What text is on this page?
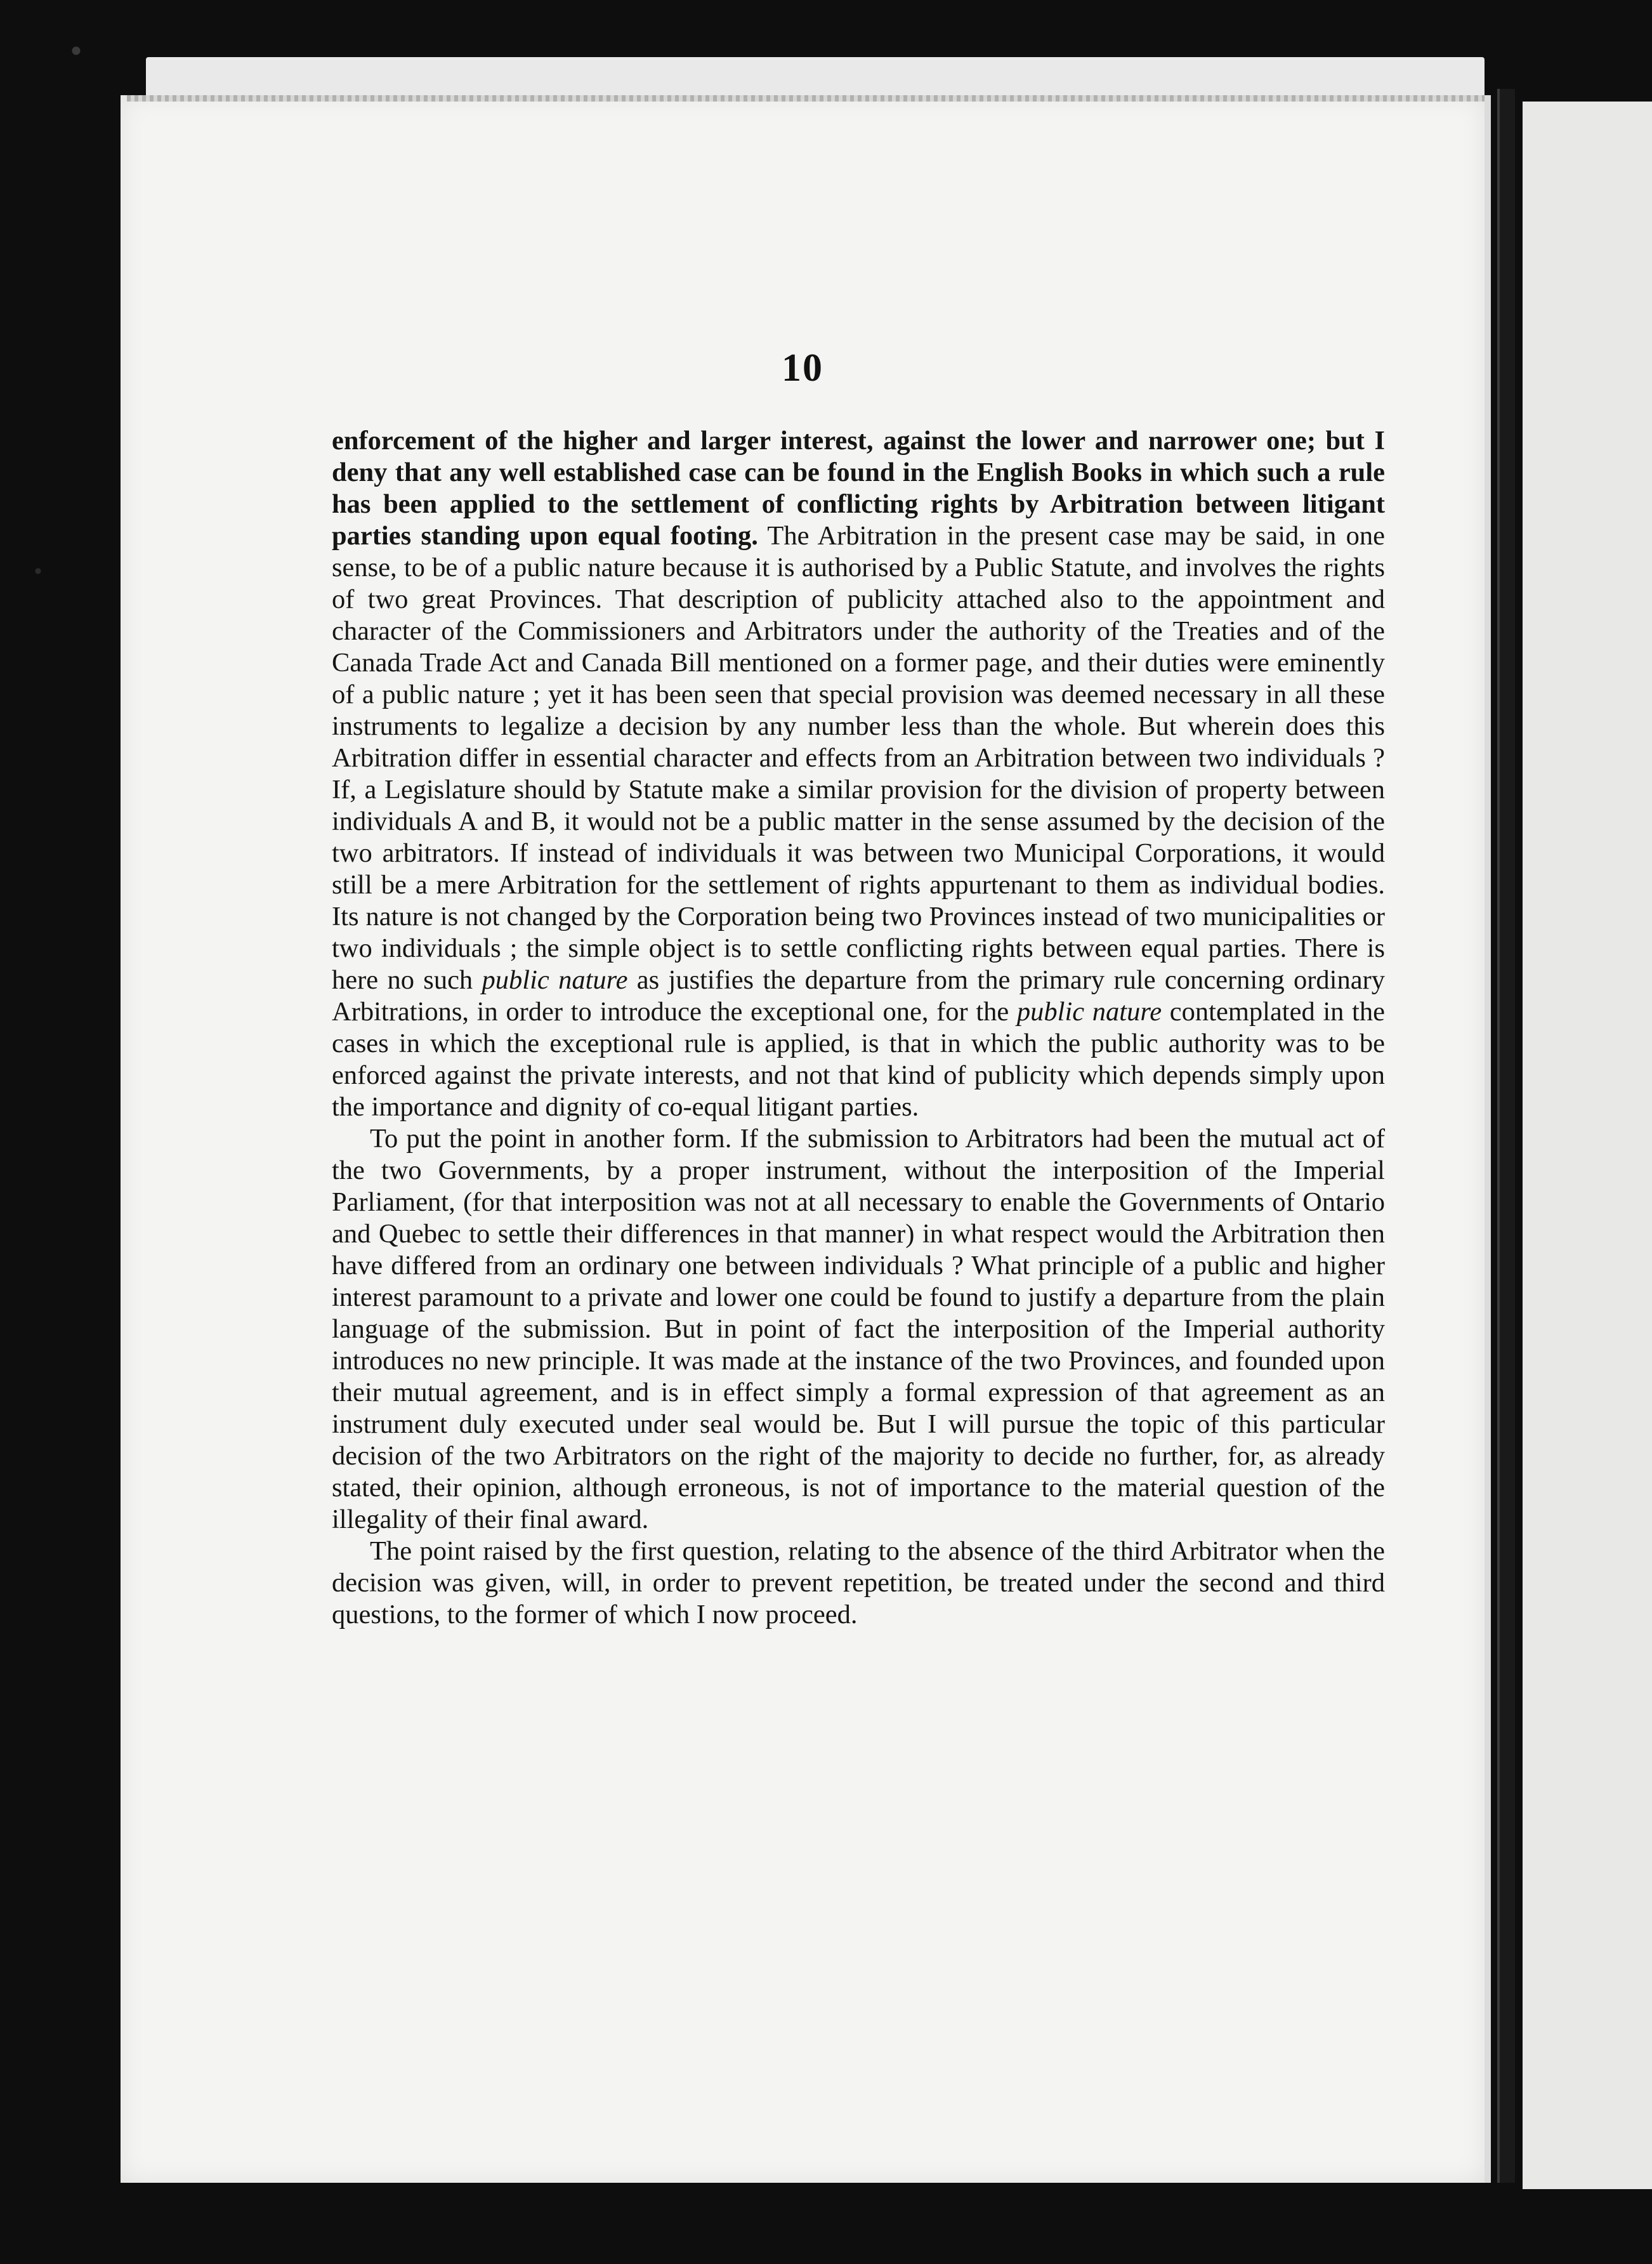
10

enforcement of the higher and larger interest, against the lower and narrower one; but I deny that any well established case can be found in the English Books in which such a rule has been applied to the settlement of conflicting rights by Arbitration between litigant parties standing upon equal footing. The Arbitration in the present case may be said, in one sense, to be of a public nature because it is authorised by a Public Statute, and involves the rights of two great Provinces. That description of publicity attached also to the appointment and character of the Commissioners and Arbitrators under the authority of the Treaties and of the Canada Trade Act and Canada Bill mentioned on a former page, and their duties were eminently of a public nature ; yet it has been seen that special provision was deemed necessary in all these instruments to legalize a decision by any number less than the whole. But wherein does this Arbitration differ in essential character and effects from an Arbitration between two individuals ? If, a Legislature should by Statute make a similar provision for the division of property between individuals A and B, it would not be a public matter in the sense assumed by the decision of the two arbitrators. If instead of individuals it was between two Municipal Corporations, it would still be a mere Arbitration for the settlement of rights appurtenant to them as individual bodies. Its nature is not changed by the Corporation being two Provinces instead of two municipalities or two individuals ; the simple object is to settle conflicting rights between equal parties. There is here no such public nature as justifies the departure from the primary rule concerning ordinary Arbitrations, in order to introduce the exceptional one, for the public nature contemplated in the cases in which the exceptional rule is applied, is that in which the public authority was to be enforced against the private interests, and not that kind of publicity which depends simply upon the importance and dignity of co-equal litigant parties.

To put the point in another form. If the submission to Arbitrators had been the mutual act of the two Governments, by a proper instrument, without the interposition of the Imperial Parliament, (for that interposition was not at all necessary to enable the Governments of Ontario and Quebec to settle their differences in that manner) in what respect would the Arbitration then have differed from an ordinary one between individuals ? What principle of a public and higher interest paramount to a private and lower one could be found to justify a departure from the plain language of the submission. But in point of fact the interposition of the Imperial authority introduces no new principle. It was made at the instance of the two Provinces, and founded upon their mutual agreement, and is in effect simply a formal expression of that agreement as an instrument duly executed under seal would be. But I will pursue the topic of this particular decision of the two Arbitrators on the right of the majority to decide no further, for, as already stated, their opinion, although erroneous, is not of importance to the material question of the illegality of their final award.

The point raised by the first question, relating to the absence of the third Arbitrator when the decision was given, will, in order to prevent repetition, be treated under the second and third questions, to the former of which I now proceed.
